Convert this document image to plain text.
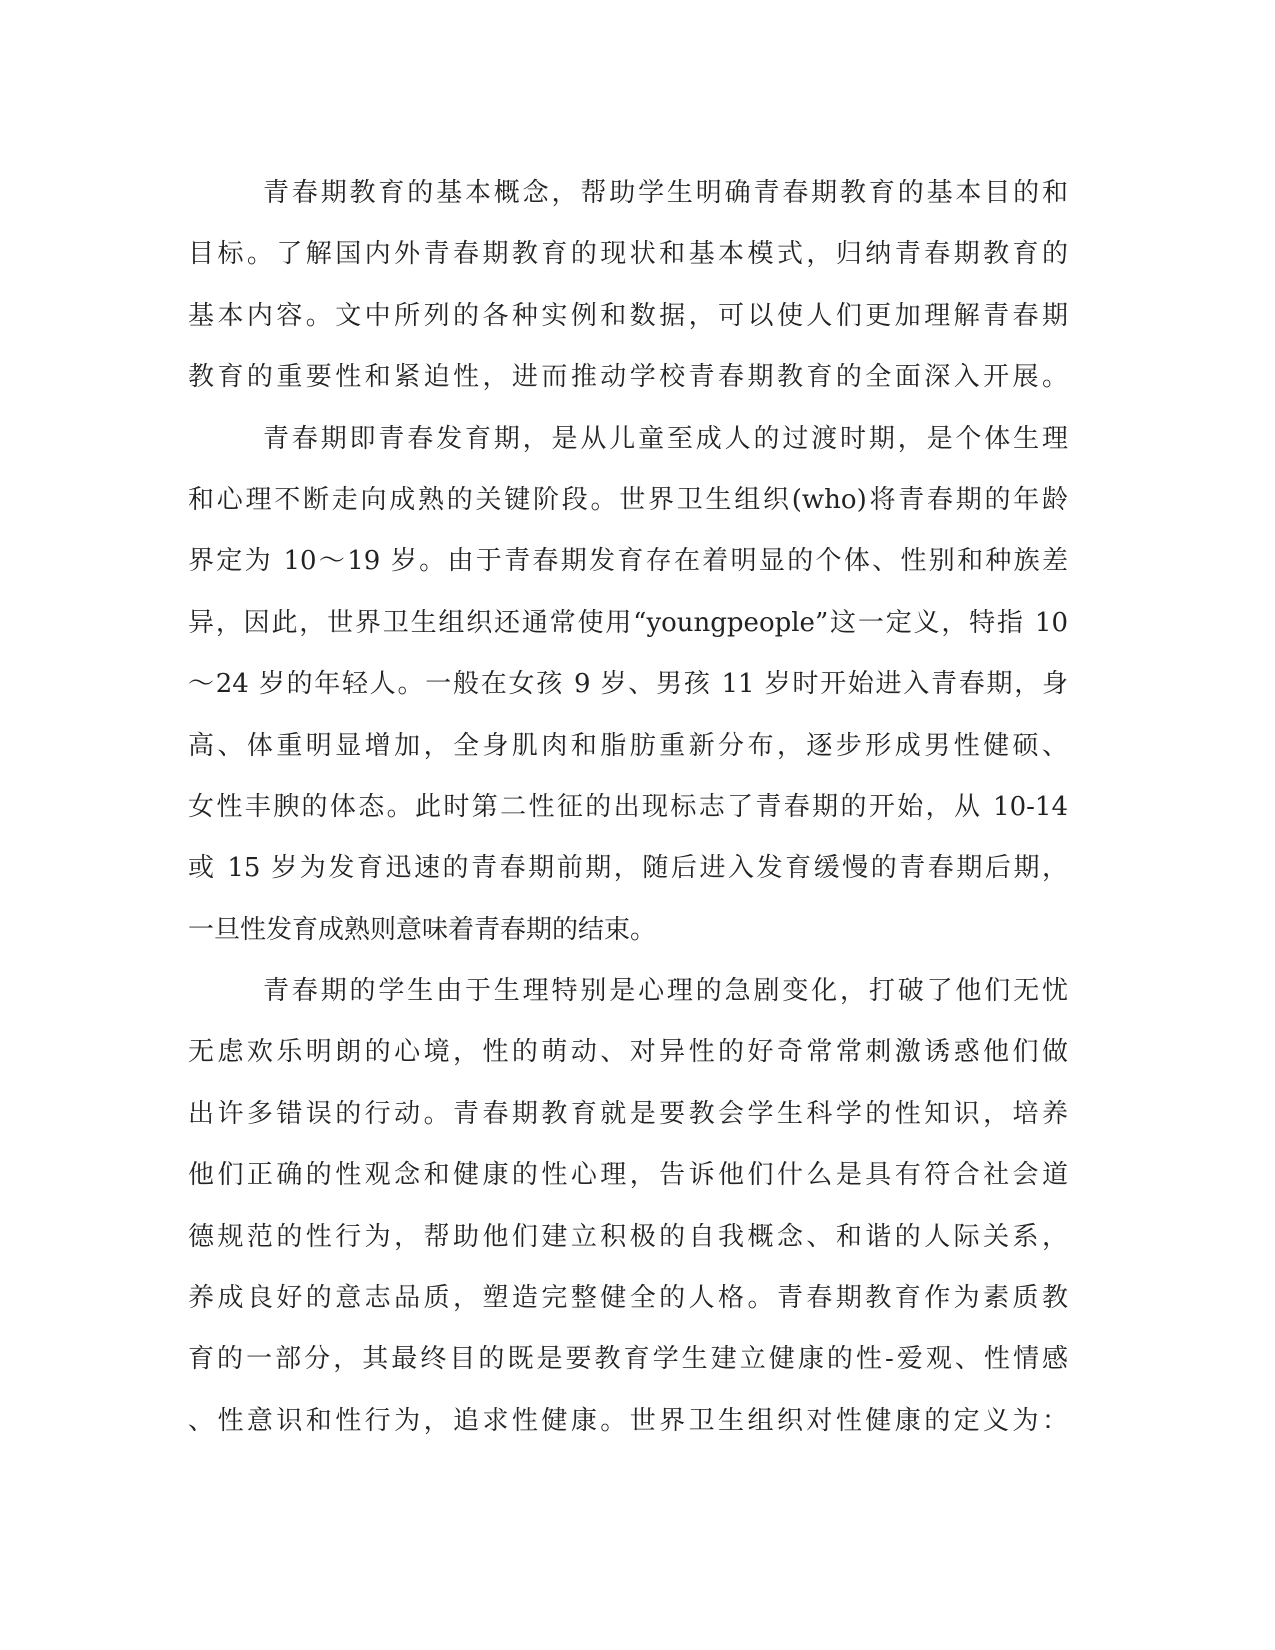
青春期教育的基本概念，帮助学生明确青春期教育的基本目的和
目标。了解国内外青春期教育的现状和基本模式，归纳青春期教育的
基本内容。文中所列的各种实例和数据，可以使人们更加理解青春期
教育的重要性和紧迫性，进而推动学校青春期教育的全面深入开展。
青春期即青春发育期，是从儿童至成人的过渡时期，是个体生理
和心理不断走向成熟的关键阶段。世界卫生组织(who)将青春期的年龄
界定为 10～19 岁。由于青春期发育存在着明显的个体、性别和种族差
异，因此，世界卫生组织还通常使用“youngpeople”这一定义，特指 10
～24 岁的年轻人。一般在女孩 9 岁、男孩 11 岁时开始进入青春期，身
高、体重明显增加，全身肌肉和脂肪重新分布，逐步形成男性健硕、
女性丰腴的体态。此时第二性征的出现标志了青春期的开始，从 10-14
或 15 岁为发育迅速的青春期前期，随后进入发育缓慢的青春期后期，
一旦性发育成熟则意味着青春期的结束。
青春期的学生由于生理特别是心理的急剧变化，打破了他们无忧
无虑欢乐明朗的心境，性的萌动、对异性的好奇常常刺激诱惑他们做
出许多错误的行动。青春期教育就是要教会学生科学的性知识，培养
他们正确的性观念和健康的性心理，告诉他们什么是具有符合社会道
德规范的性行为，帮助他们建立积极的自我概念、和谐的人际关系，
养成良好的意志品质，塑造完整健全的人格。青春期教育作为素质教
育的一部分，其最终目的既是要教育学生建立健康的性-爱观、性情感
、性意识和性行为，追求性健康。世界卫生组织对性健康的定义为：
